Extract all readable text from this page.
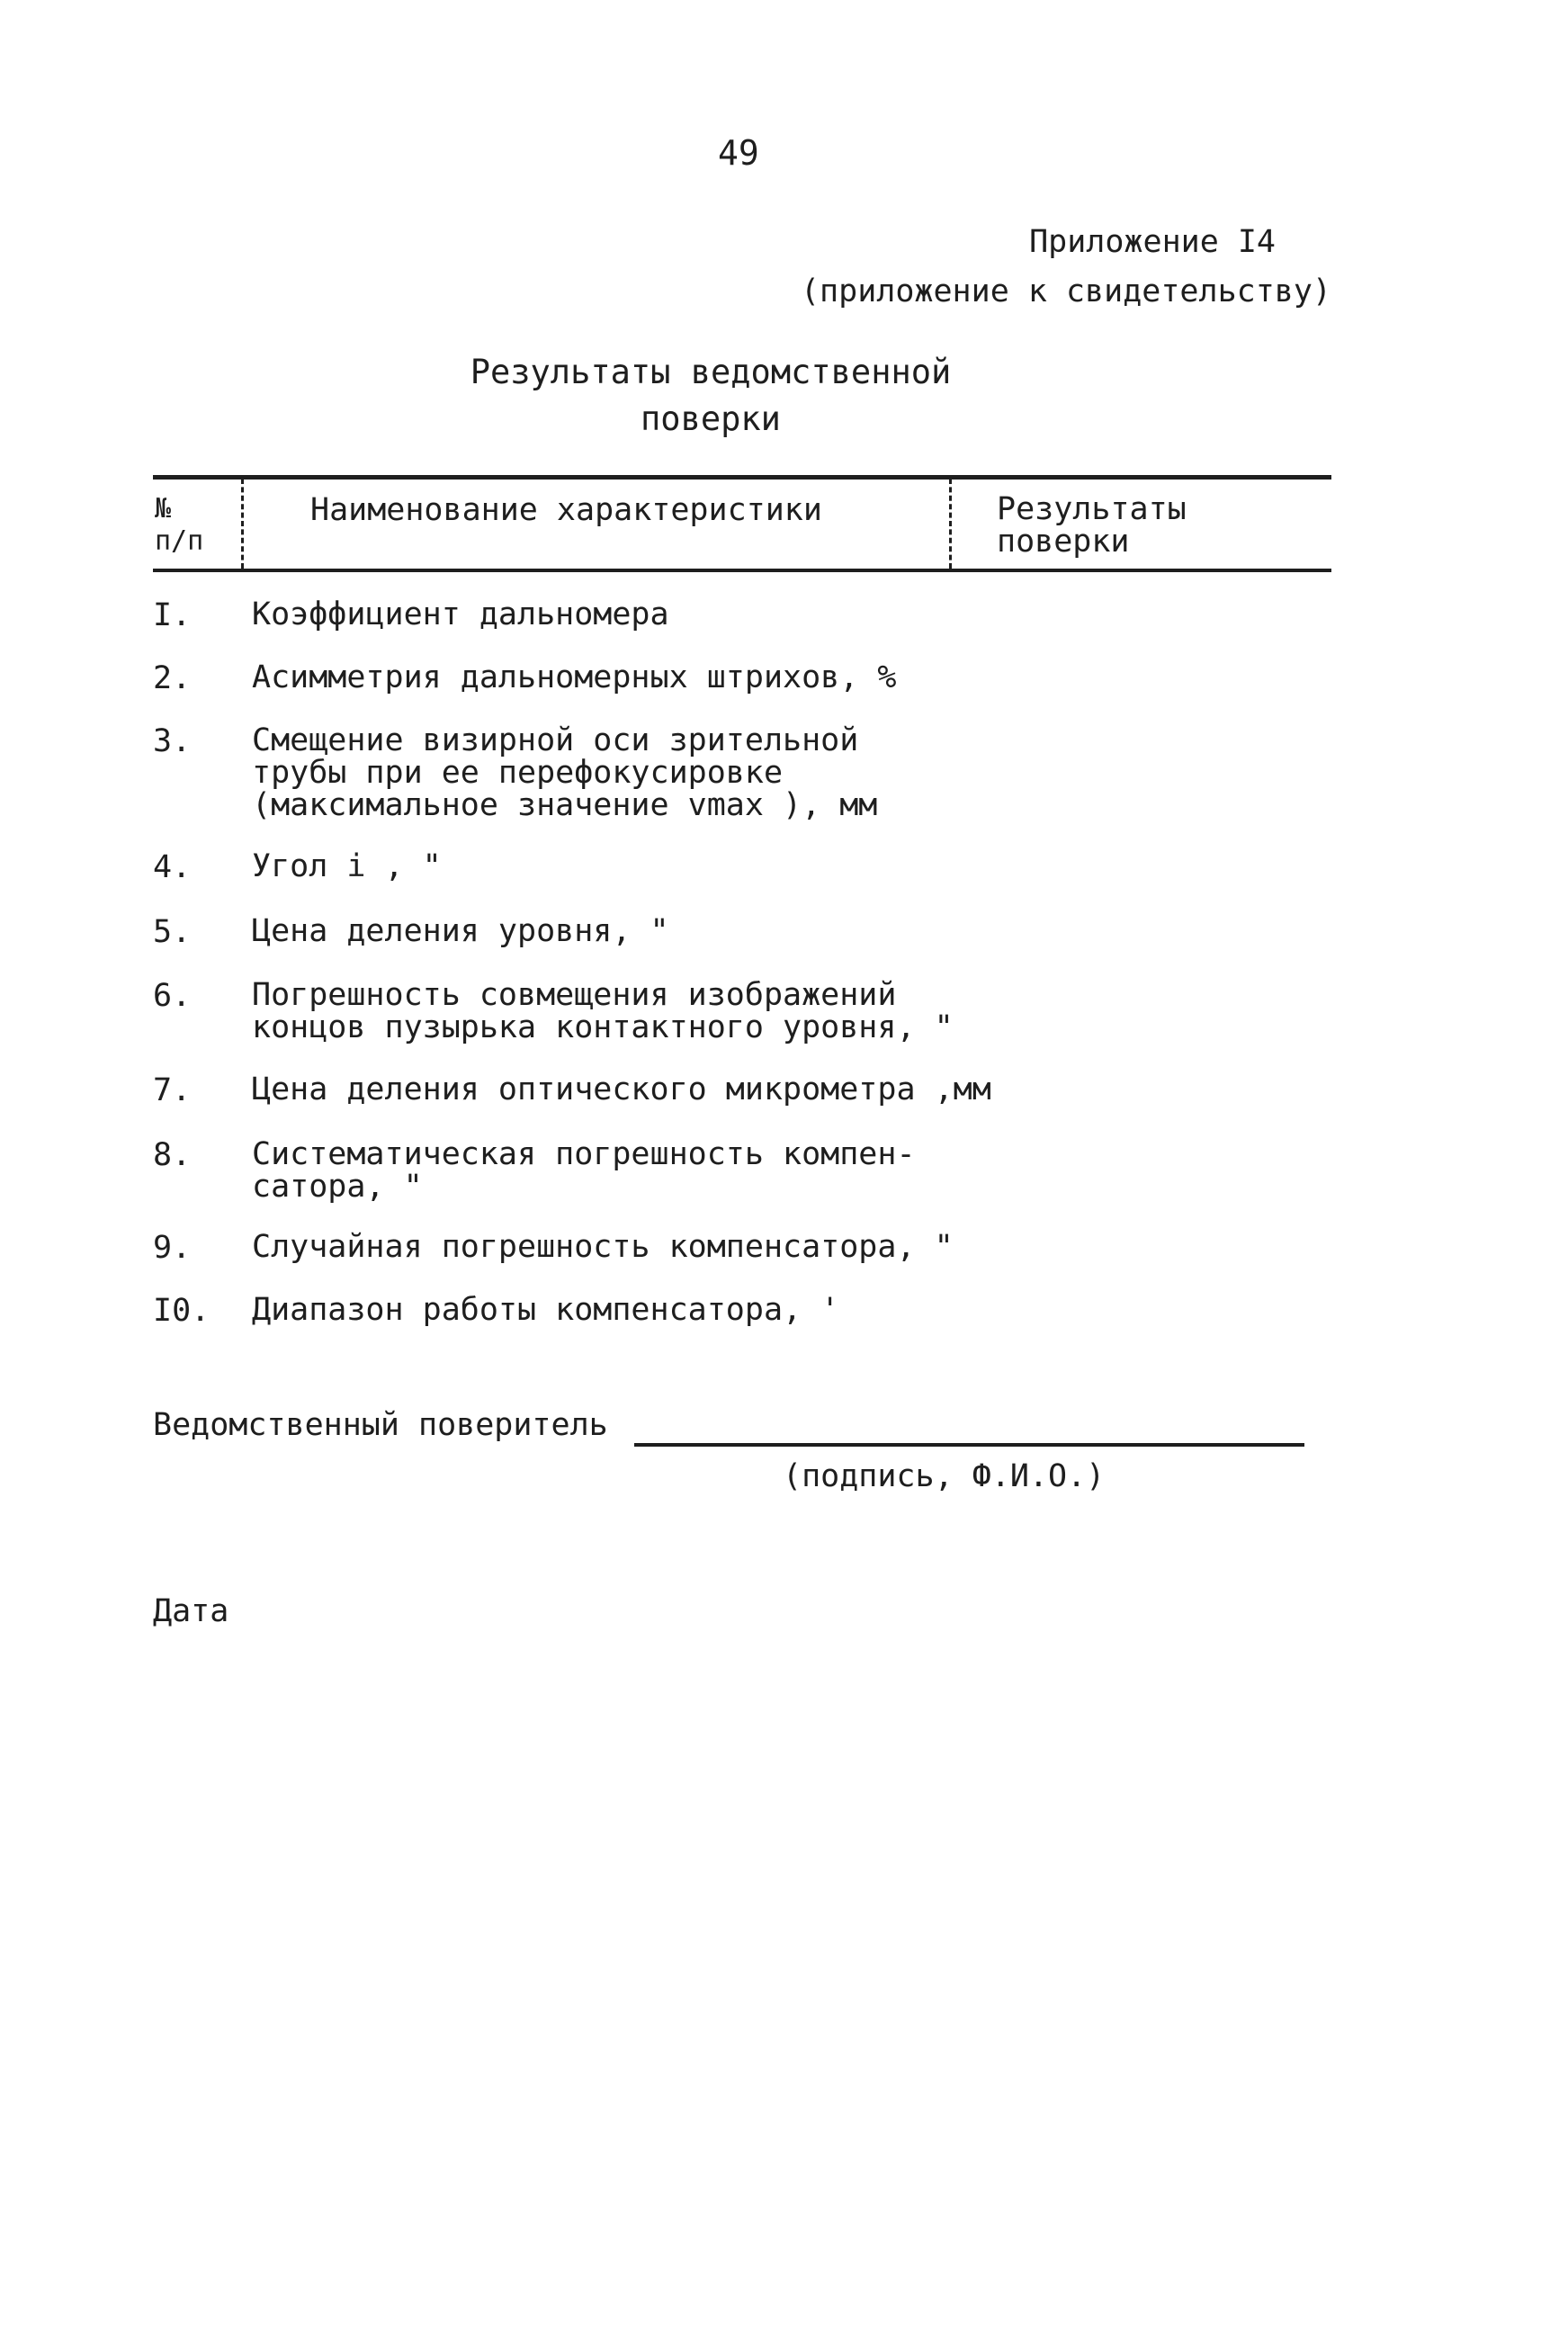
49
Приложение I4
(приложение к свидетельству)
Результаты ведомственной
поверки
№ п/п
Наименование характеристики	Результаты поверки
I. Коэффициент дальномера
2. Асимметрия дальномерных штрихов, %
3. Смещение визирной оси зрительной
трубы при ее перефокусировке
(максимальное значение vmax ), мм
4. Угол i , "
5. Цена деления уровня, "
6. Погрешность совмещения изображений
концов пузырька контактного уровня, "
7. Цена деления оптического микрометра ,мм
8. Систематическая погрешность компен-
сатора, "
9. Случайная погрешность компенсатора, "
I0. Диапазон работы компенсатора, '
Ведомственный поверитель
(подпись, Ф.И.О.)
Дата
